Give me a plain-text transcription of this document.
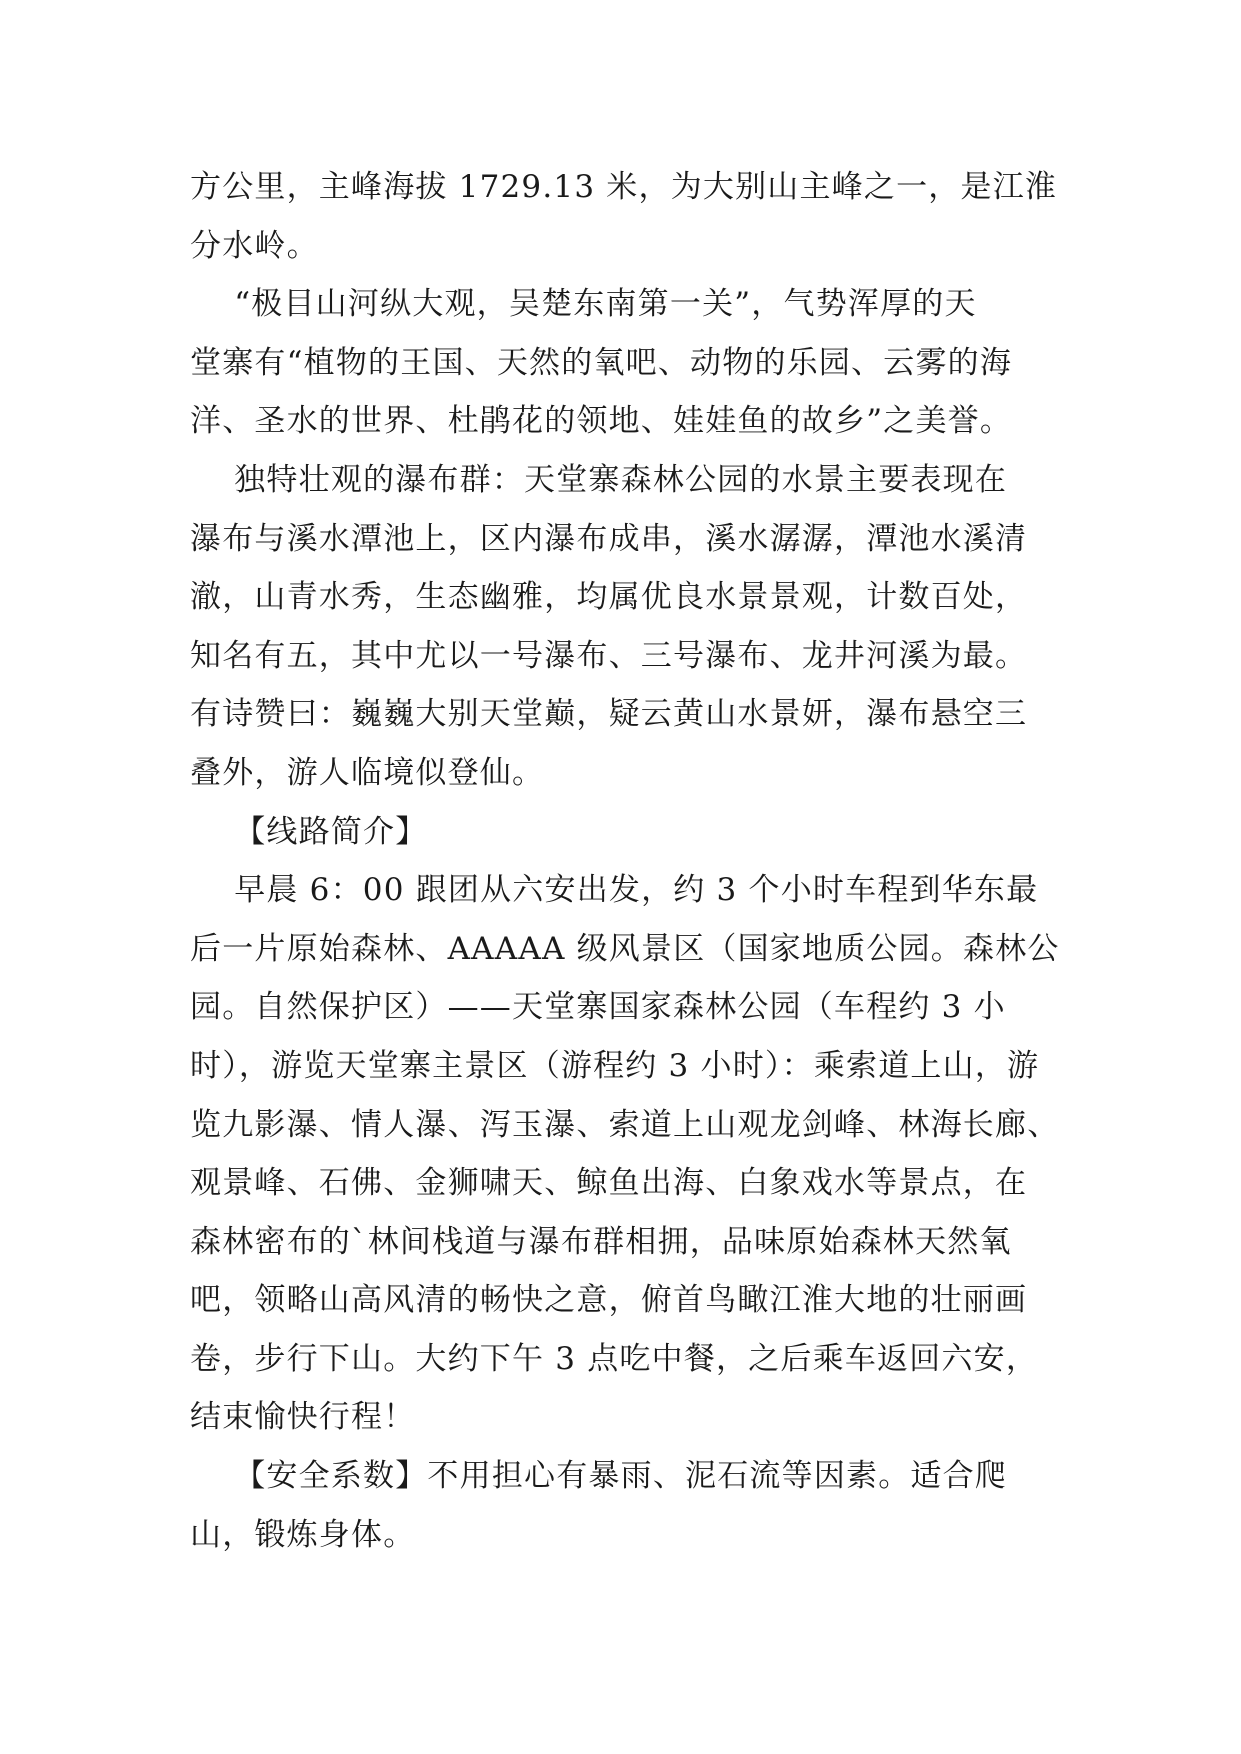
方公里，主峰海拔 1729.13 米，为大别山主峰之一，是江淮
分水岭。
“极目山河纵大观，吴楚东南第一关”，气势浑厚的天
堂寨有“植物的王国、天然的氧吧、动物的乐园、云雾的海
洋、圣水的世界、杜鹃花的领地、娃娃鱼的故乡”之美誉。
独特壮观的瀑布群：天堂寨森林公园的水景主要表现在
瀑布与溪水潭池上，区内瀑布成串，溪水潺潺，潭池水溪清
澈，山青水秀，生态幽雅，均属优良水景景观，计数百处，
知名有五，其中尤以一号瀑布、三号瀑布、龙井河溪为最。
有诗赞曰：巍巍大别天堂巅，疑云黄山水景妍，瀑布悬空三
叠外，游人临境似登仙。
【线路简介】
早晨 6：00 跟团从六安出发，约 3 个小时车程到华东最
后一片原始森林、AAAAA 级风景区（国家地质公园。森林公
园。自然保护区）——天堂寨国家森林公园（车程约 3 小
时），游览天堂寨主景区（游程约 3 小时）：乘索道上山，游
览九影瀑、情人瀑、泻玉瀑、索道上山观龙剑峰、林海长廊、
观景峰、石佛、金狮啸天、鲸鱼出海、白象戏水等景点，在
森林密布的`林间栈道与瀑布群相拥，品味原始森林天然氧
吧，领略山高风清的畅快之意，俯首鸟瞰江淮大地的壮丽画
卷，步行下山。大约下午 3 点吃中餐，之后乘车返回六安，
结束愉快行程！
【安全系数】不用担心有暴雨、泥石流等因素。适合爬
山，锻炼身体。
